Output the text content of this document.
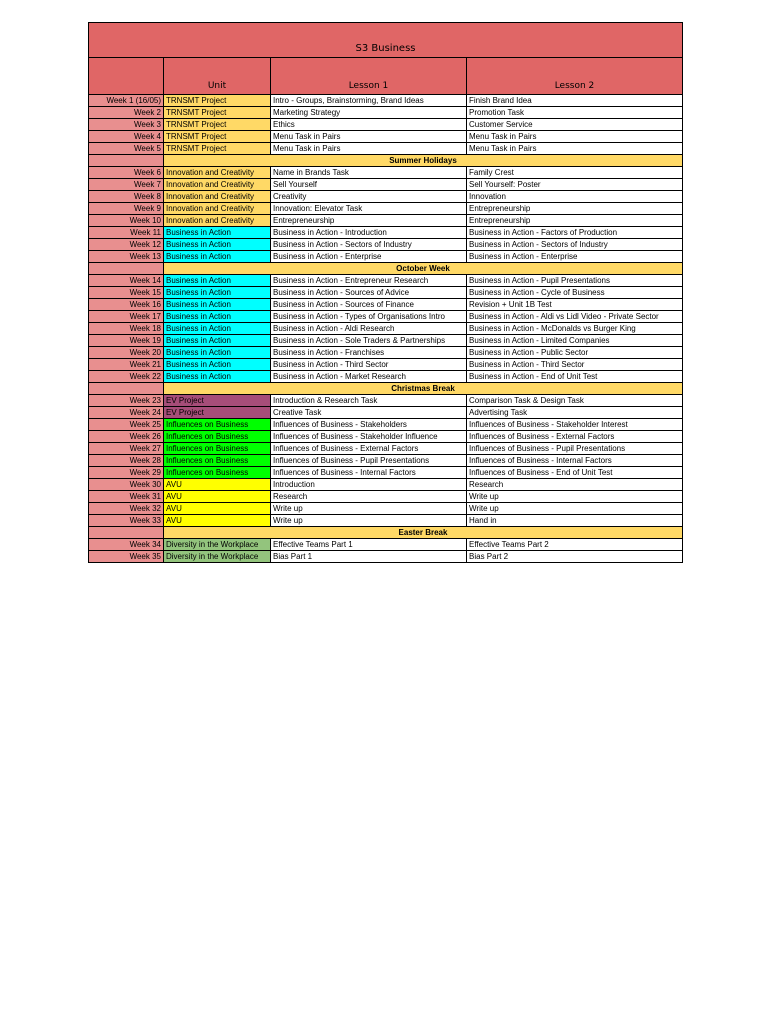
S3 Business			
	Unit	Lesson 1	Lesson 2
Week 1 (16/05)	TRNSMT Project	Intro - Groups, Brainstorming, Brand Ideas	Finish Brand Idea
Week 2	TRNSMT Project	Marketing Strategy	Promotion Task
Week 3	TRNSMT Project	Ethics	Customer Service
Week 4	TRNSMT Project	Menu Task in Pairs	Menu Task in Pairs
Week 5	TRNSMT Project	Menu Task in Pairs	Menu Task in Pairs
	Summer Holidays		
Week 6	Innovation and Creativity	Name in Brands Task	Family Crest
Week 7	Innovation and Creativity	Sell Yourself	Sell Yourself: Poster
Week 8	Innovation and Creativity	Creativity	Innovation
Week 9	Innovation and Creativity	Innovation: Elevator Task	Entrepreneurship
Week 10	Innovation and Creativity	Entrepreneurship	Entrepreneurship
Week 11	Business in Action	Business in Action - Introduction	Business in Action - Factors of Production
Week 12	Business in Action	Business in Action - Sectors of Industry	Business in Action - Sectors of Industry
Week 13	Business in Action	Business in Action - Enterprise	Business in Action - Enterprise
	October Week		
Week 14	Business in Action	Business in Action - Entrepreneur Research	Business in Action - Pupil Presentations
Week 15	Business in Action	Business in Action - Sources of Advice	Business in Action - Cycle of Business
Week 16	Business in Action	Business in Action - Sources of Finance	Revision + Unit 1B Test
Week 17	Business in Action	Business in Action - Types of Organisations Intro	Business in Action - Aldi vs Lidl Video - Private Sector
Week 18	Business in Action	Business in Action - Aldi Research	Business in Action - McDonalds vs Burger King
Week 19	Business in Action	Business in Action - Sole Traders & Partnerships	Business in Action - Limited Companies
Week 20	Business in Action	Business in Action - Franchises	Business in Action - Public Sector
Week 21	Business in Action	Business in Action - Third Sector	Business in Action - Third Sector
Week 22	Business in Action	Business in Action - Market Research	Business in Action - End of Unit Test
	Christmas Break		
Week 23	EV Project	Introduction & Research Task	Comparison Task & Design Task
Week 24	EV Project	Creative Task	Advertising Task
Week 25	Influences on Business	Influences of Business - Stakeholders	Influences of Business - Stakeholder Interest
Week 26	Influences on Business	Influences of Business - Stakeholder Influence	Influences of Business - External Factors
Week 27	Influences on Business	Influences of Business - External Factors	Influences of Business - Pupil Presentations
Week 28	Influences on Business	Influences of Business - Pupil Presentations	Influences of Business - Internal Factors
Week 29	Influences on Business	Influences of Business - Internal Factors	Influences of Business - End of Unit Test
Week 30	AVU	Introduction	Research
Week 31	AVU	Research	Write up
Week 32	AVU	Write up	Write up
Week 33	AVU	Write up	Hand in
	Easter Break		
Week 34	Diversity in the Workplace	Effective Teams Part 1	Effective Teams Part 2
Week 35	Diversity in the Workplace	Bias Part 1	Bias Part 2
